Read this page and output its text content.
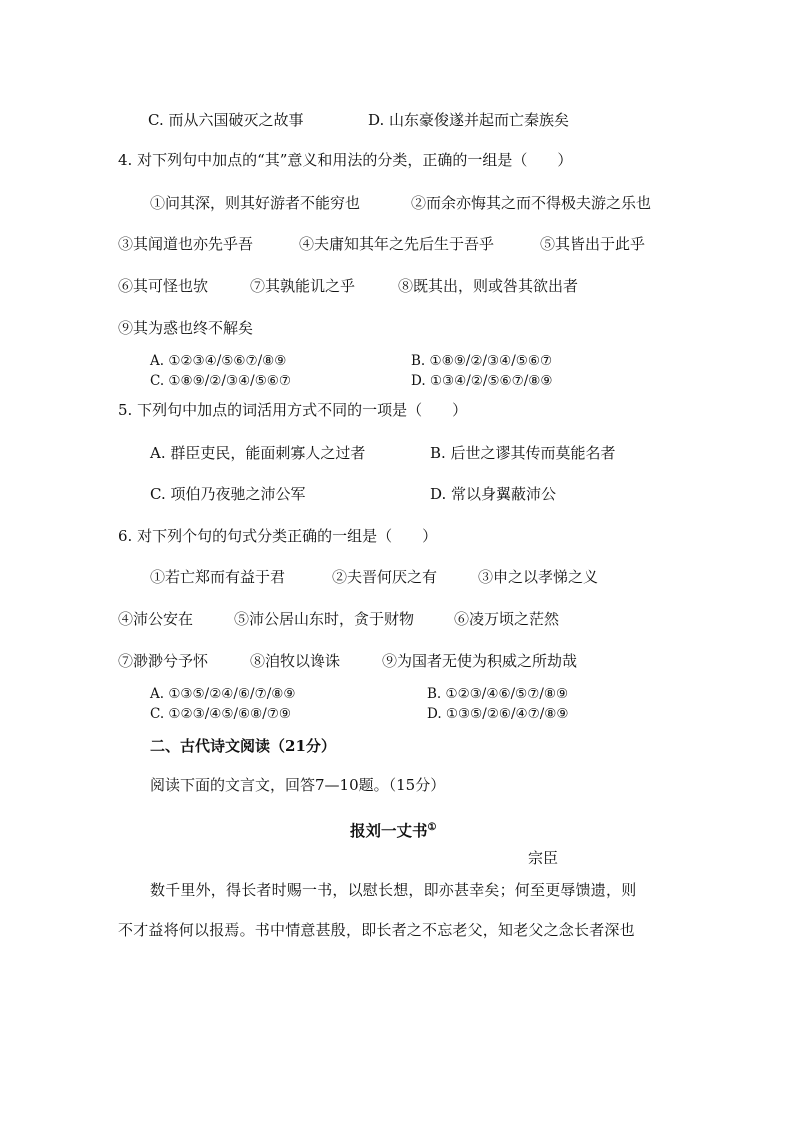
C. 而从六国破灭之故事	D. 山东豪俊遂并起而亡秦族矣
4. 对下列句中加点的“其”意义和用法的分类，正确的一组是（　　）
①问其深，则其好游者不能穷也	②而余亦悔其之而不得极夫游之乐也
③其闻道也亦先乎吾	④夫庸知其年之先后生于吾乎	⑤其皆出于此乎
⑥其可怪也欤	⑦其孰能讥之乎	⑧既其出，则或咎其欲出者
⑨其为惑也终不解矣
A. ①②③④/⑤⑥⑦/⑧⑨	B. ①⑧⑨/②/③④/⑤⑥⑦
C. ①⑧⑨/②/③④/⑤⑥⑦	D. ①③④/②/⑤⑥⑦/⑧⑨
5. 下列句中加点的词活用方式不同的一项是（　　）
A. 群臣吏民，能面刺寡人之过者	B. 后世之谬其传而莫能名者
C. 项伯乃夜驰之沛公军	D. 常以身翼蔽沛公
6. 对下列个句的句式分类正确的一组是（　　）
①若亡郑而有益于君	②夫晋何厌之有	③申之以孝悌之义
④沛公安在	⑤沛公居山东时，贪于财物	⑥凌万顷之茫然
⑦渺渺兮予怀	⑧洎牧以谗诛	⑨为国者无使为积威之所劫哉
A. ①③⑤/②④/⑥/⑦/⑧⑨	B. ①②③/④⑥/⑤⑦/⑧⑨
C. ①②③/④⑤/⑥⑧/⑦⑨	D. ①③⑤/②⑥/④⑦/⑧⑨
二、古代诗文阅读（21分）
阅读下面的文言文，回答7—10题。（15分）
报刘一丈书①
宗臣
数千里外，得长者时赐一书，以慰长想，即亦甚幸矣；何至更辱馈遗，则
不才益将何以报焉。书中情意甚殷，即长者之不忘老父，知老父之念长者深也
